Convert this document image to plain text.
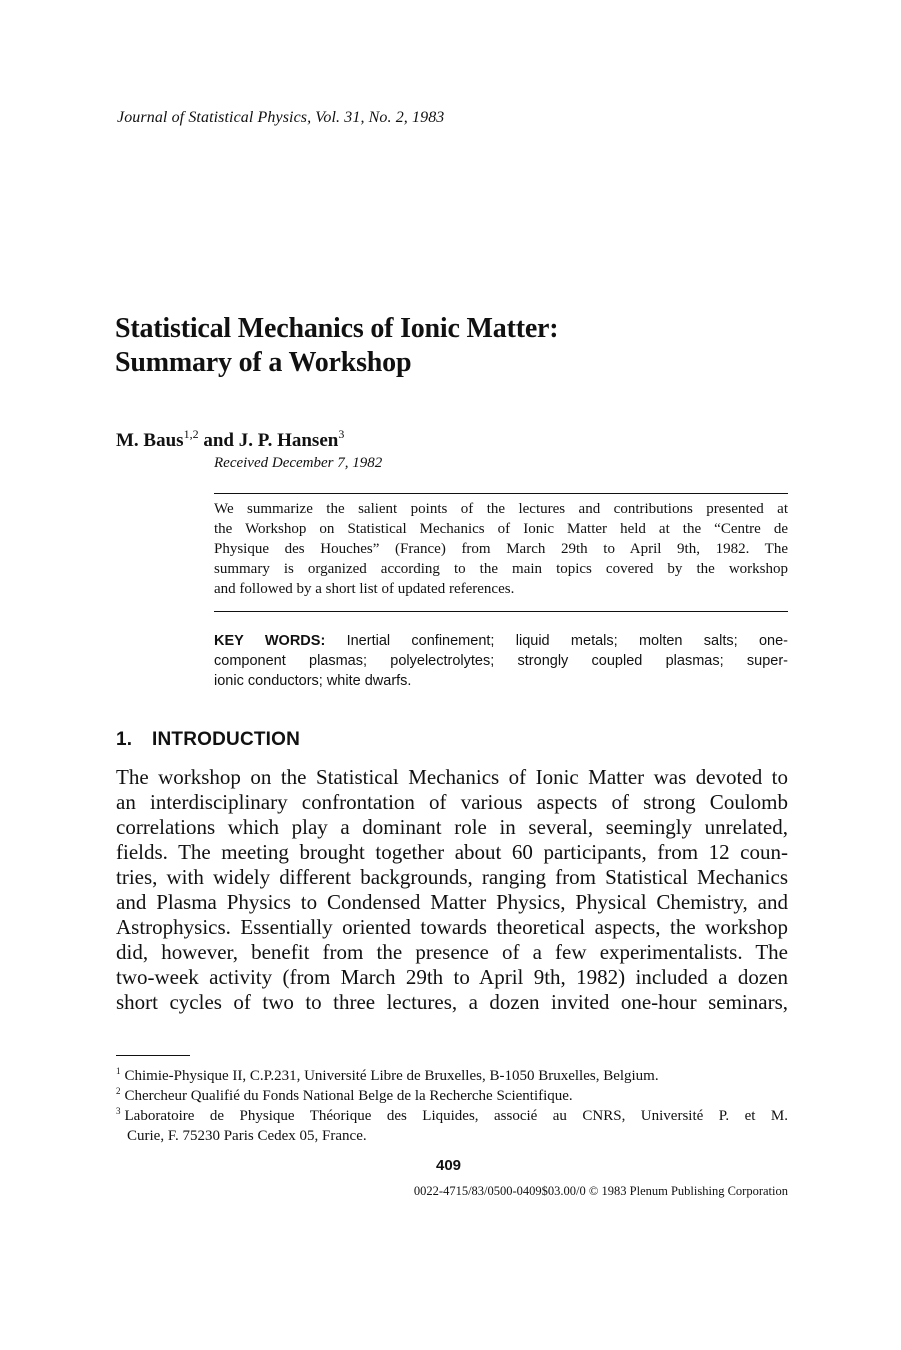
Journal of Statistical Physics, Vol. 31, No. 2, 1983
Statistical Mechanics of Ionic Matter:
Summary of a Workshop
M. Baus$^{1,2}$ and J. P. Hansen$^3$
Received December 7, 1982
We summarize the salient points of the lectures and contributions presented at
the Workshop on Statistical Mechanics of Ionic Matter held at the “Centre de
Physique des Houches” (France) from March 29th to April 9th, 1982. The
summary is organized according to the main topics covered by the workshop
and followed by a short list of updated references.
KEY WORDS: Inertial confinement; liquid metals; molten salts; one-
component plasmas; polyelectrolytes; strongly coupled plasmas; super-
ionic conductors; white dwarfs.
1. INTRODUCTION
The workshop on the Statistical Mechanics of Ionic Matter was devoted to
an interdisciplinary confrontation of various aspects of strong Coulomb
correlations which play a dominant role in several, seemingly unrelated,
fields. The meeting brought together about 60 participants, from 12 coun-
tries, with widely different backgrounds, ranging from Statistical Mechanics
and Plasma Physics to Condensed Matter Physics, Physical Chemistry, and
Astrophysics. Essentially oriented towards theoretical aspects, the workshop
did, however, benefit from the presence of a few experimentalists. The
two-week activity (from March 29th to April 9th, 1982) included a dozen
short cycles of two to three lectures, a dozen invited one-hour seminars,
$^1$ Chimie-Physique II, C.P.231, Université Libre de Bruxelles, B-1050 Bruxelles, Belgium.
$^2$ Chercheur Qualifié du Fonds National Belge de la Recherche Scientifique.
$^3$ Laboratoire de Physique Théorique des Liquides, associé au CNRS, Université P. et M.
Curie, F. 75230 Paris Cedex 05, France.
409
0022-4715/83/0500-0409$03.00/0 © 1983 Plenum Publishing Corporation
